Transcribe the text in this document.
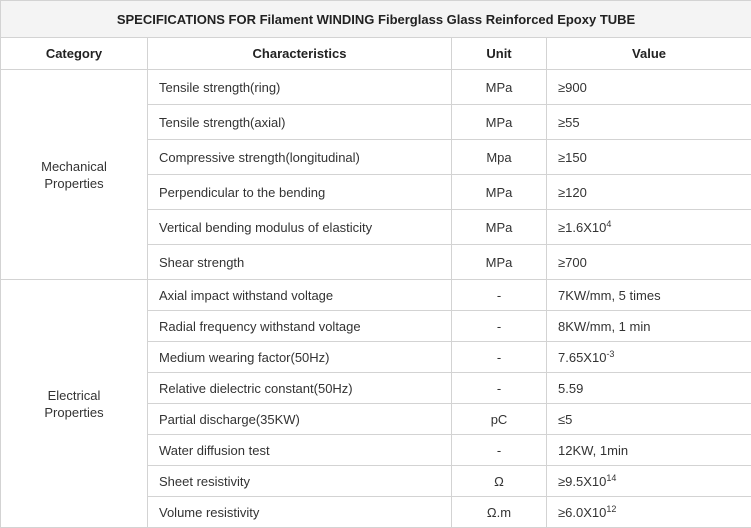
SPECIFICATIONS FOR Filament WINDING Fiberglass Glass Reinforced Epoxy TUBE			
Category	Characteristics	Unit	Value
Mechanical
Properties	Tensile strength(ring)	MPa	≥900
	Tensile strength(axial)	MPa	≥55
	Compressive strength(longitudinal)	Mpa	≥150
	Perpendicular to the bending	MPa	≥120
	Vertical bending modulus of elasticity	MPa	$\ge 1.6X10^4$
	Shear strength	MPa	≥700
Electrical
Properties	Axial impact withstand voltage	-	7KW/mm, 5 times
	Radial frequency withstand voltage	-	8KW/mm, 1 min
	Medium wearing factor(50Hz)	-	$7.65X10^{-3}$
	Relative dielectric constant(50Hz)	-	5.59
	Partial discharge(35KW)	pC	≤5
	Water diffusion test	-	12KW, 1min
	Sheet resistivity	Ω	$\ge 9.5X10^{14}$
	Volume resistivity	Ω.m	$\ge 6.0X10^{12}$
